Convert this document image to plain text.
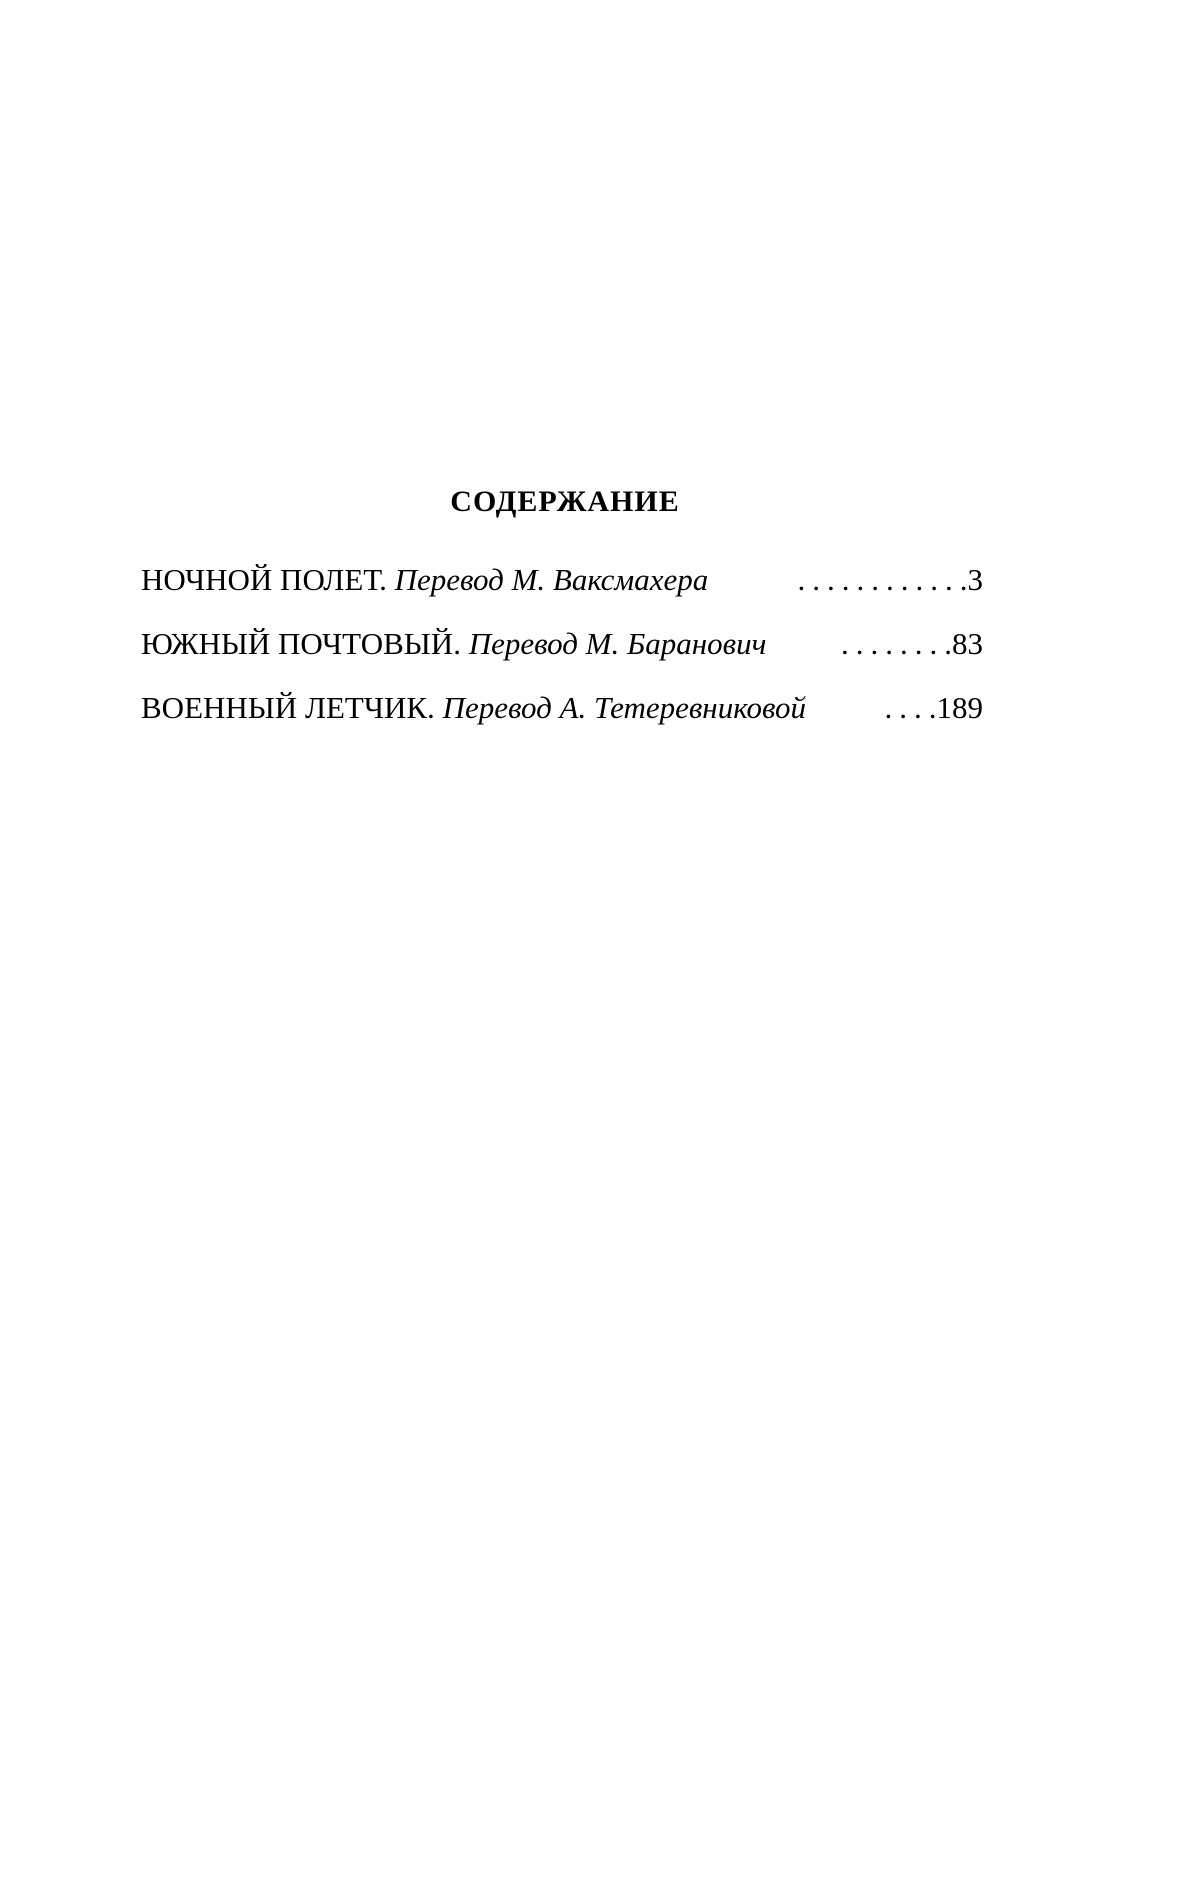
СОДЕРЖАНИЕ
НОЧНОЙ ПОЛЕТ.
Перевод М. Ваксмахера	........... .3
ЮЖНЫЙ ПОЧТОВЫЙ.
Перевод М. Баранович	....... .83
ВОЕННЫЙ ЛЕТЧИК.
Перевод А. Тетеревниковой	... .189
